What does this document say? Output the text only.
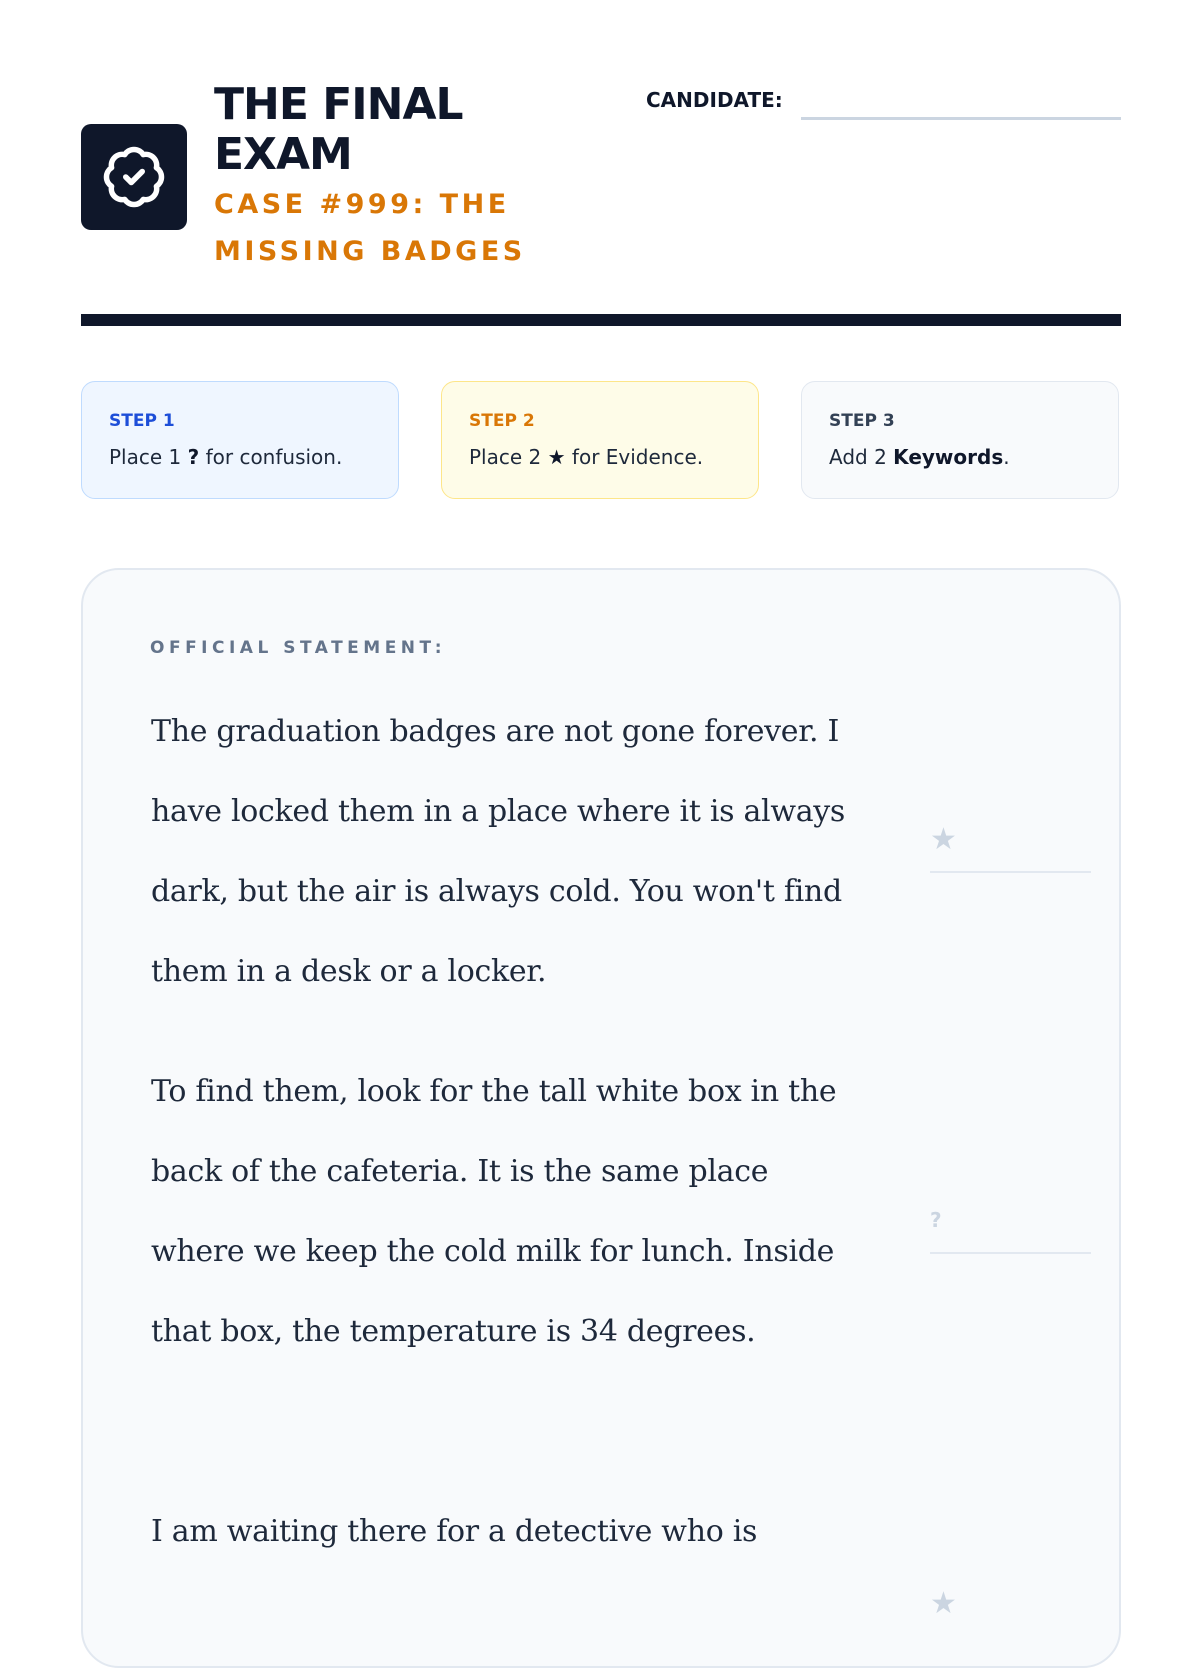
THE FINAL EXAM
CASE #999: THE MISSING BADGES
CANDIDATE:
STEP 1
Place 1 ? for confusion.
STEP 2
Place 2 ★ for Evidence.
STEP 3
Add 2 Keywords.
OFFICIAL STATEMENT:

The graduation badges are not gone forever. I have locked them in a place where it is always dark, but the air is always cold. You won't find them in a desk or a locker.

To find them, look for the tall white box in the back of the cafeteria. It is the same place where we keep the cold milk for lunch. Inside that box, the temperature is 34 degrees.

I am waiting there for a detective who is

★
?
★
